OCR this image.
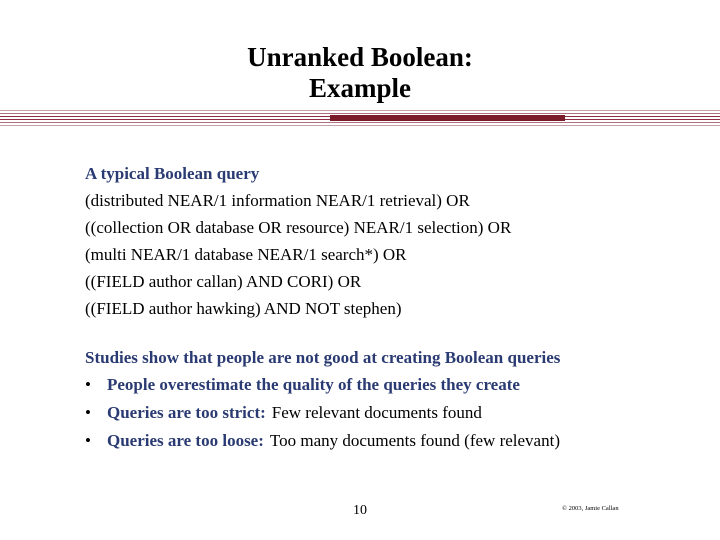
Unranked Boolean:
Example
A typical Boolean query
(distributed NEAR/1 information NEAR/1 retrieval) OR
((collection OR database OR resource) NEAR/1 selection) OR
(multi NEAR/1 database NEAR/1 search*) OR
((FIELD author callan) AND CORI) OR
((FIELD author hawking) AND NOT stephen)
Studies show that people are not good at creating Boolean queries
• People overestimate the quality of the queries they create
• Queries are too strict: Few relevant documents found
• Queries are too loose: Too many documents found (few relevant)
10	© 2003, Jamie Callan
